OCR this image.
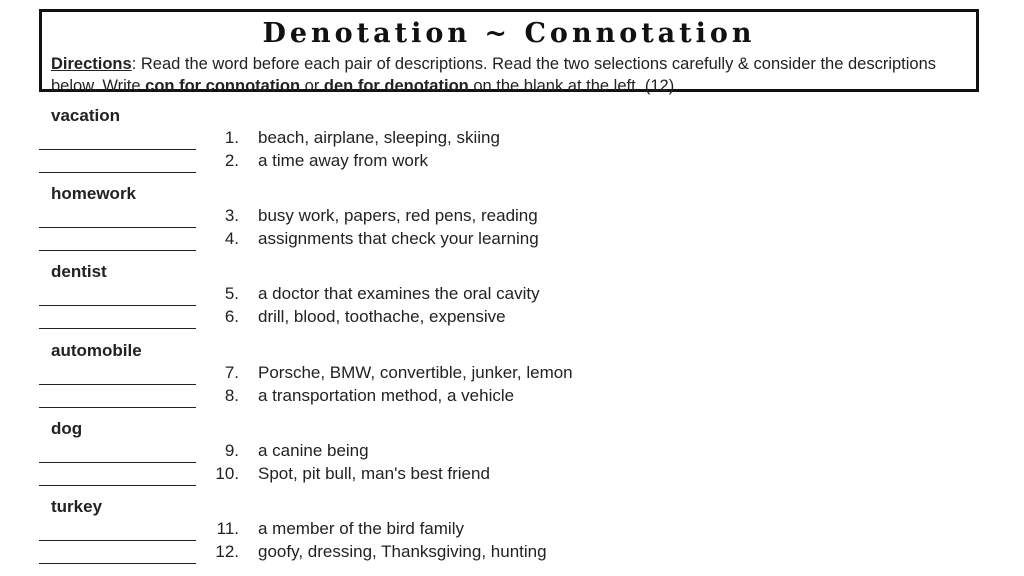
Denotation ~ Connotation
Directions: Read the word before each pair of descriptions. Read the two selections carefully & consider the descriptions below. Write con for connotation or den for denotation on the blank at the left. (12)
vacation
1. beach, airplane, sleeping, skiing
2. a time away from work
homework
3. busy work, papers, red pens, reading
4. assignments that check your learning
dentist
5. a doctor that examines the oral cavity
6. drill, blood, toothache, expensive
automobile
7. Porsche, BMW, convertible, junker, lemon
8. a transportation method, a vehicle
dog
9. a canine being
10. Spot, pit bull, man's best friend
turkey
11. a member of the bird family
12. goofy, dressing, Thanksgiving, hunting
